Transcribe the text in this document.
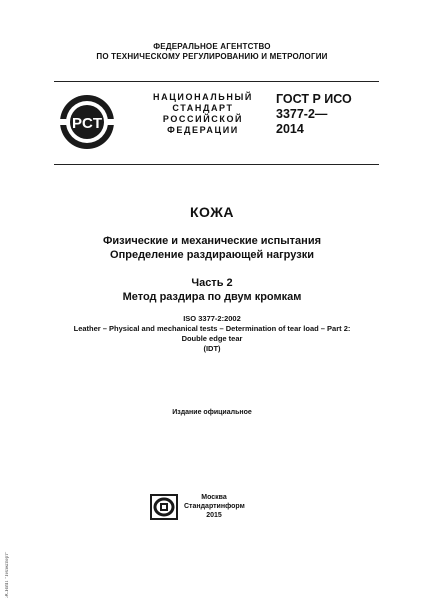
ФЕДЕРАЛЬНОЕ АГЕНТСТВО
ПО ТЕХНИЧЕСКОМУ РЕГУЛИРОВАНИЮ И МЕТРОЛОГИИ
PCT
НАЦИОНАЛЬНЫЙ
СТАНДАРТ
РОССИЙСКОЙ
ФЕДЕРАЦИИ
ГОСТ Р ИСО
3377-2—
2014
КОЖА
Физические и механические испытания
Определение раздирающей нагрузки
Часть 2
Метод раздира по двум кромкам
ISO 3377-2:2002
Leather – Physical and mechanical tests – Determination of tear load – Part 2:
Double edge tear
(IDT)
Издание официальное
Москва
Стандартинформ
2015
ЭСНИП "Техэксперт"
